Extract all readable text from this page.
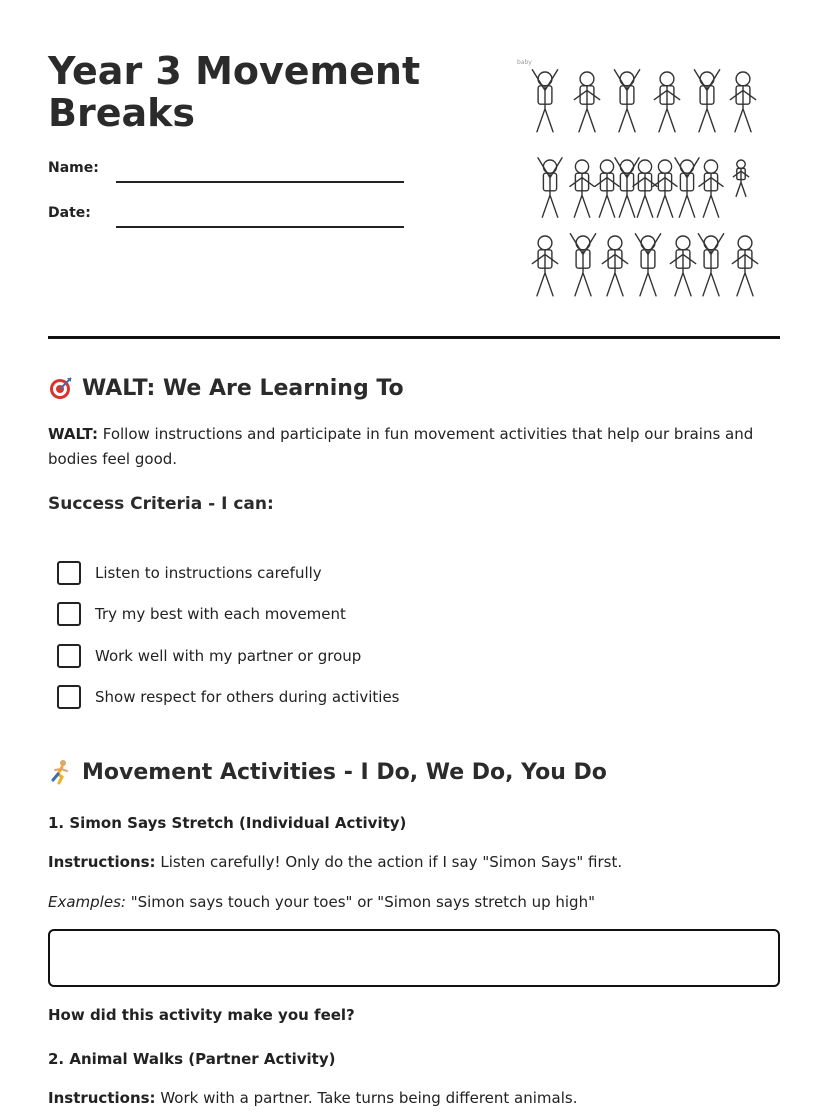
Year 3 Movement Breaks
Name:
Date:
baby
WALT: We Are Learning To

WALT: Follow instructions and participate in fun movement activities that help our brains and bodies feel good.

Success Criteria - I can:
Listen to instructions carefully
Try my best with each movement
Work well with my partner or group
Show respect for others during activities
Movement Activities - I Do, We Do, You Do
1. Simon Says Stretch (Individual Activity)

Instructions: Listen carefully! Only do the action if I say "Simon Says" first.

Examples: "Simon says touch your toes" or "Simon says stretch up high"

How did this activity make you feel?
2. Animal Walks (Partner Activity)

Instructions: Work with a partner. Take turns being different animals.
